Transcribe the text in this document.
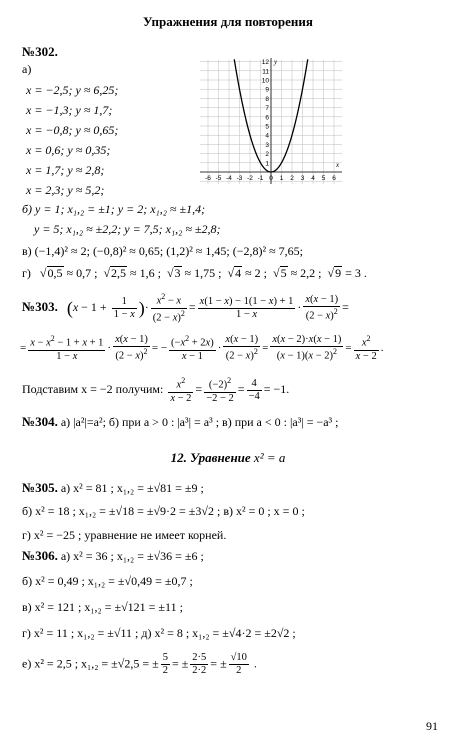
Упражнения для повторения
№302.
а)
x = −2,5; y ≈ 6,25;
x = −1,3; y ≈ 1,7;
x = −0,8; y ≈ 0,65;
x = 0,6; y ≈ 0,35;
x = 1,7; y ≈ 2,8;
x = 2,3; y ≈ 5,2;
12
11
10
9
8
7
6
5
4
3
2
1
-6 -5 -4 -3 -2 -1 0 1 2 3 4 5 6
x
y
б) y = 1; x₁,₂ = ±1; y = 2; x₁,₂ ≈ ±1,4;
y = 5; x₁,₂ ≈ ±2,2; y = 7,5; x₁,₂ ≈ ±2,8;
в) (−1,4)² ≈ 2; (−0,8)² ≈ 0,65; (1,2)² ≈ 1,45; (−2,8)² ≈ 7,65;
г) √ 0,5 ≈ 0,7 ; √ 2,5 ≈ 1,6 ; √ 3 ≈ 1,75 ; √ 4 ≈ 2 ; √ 5 ≈ 2,2 ; √ 9 = 3 .
№303. ($x - 1 + \frac{1}{1 - x}$ )· $\frac{x^2 - x}{(2 - x)^2} = \frac{x(1 - x) - 1(1 - x) + 1}{1 - x} \cdot \frac{x(x - 1)}{(2 - x)^2}$ =
= $\frac{x - x^2 - 1 + x + 1}{1 - x} \cdot \frac{x(x - 1)}{(2 - x)^2}$ = − $\frac{(-x^2 + 2x)}{x - 1} \cdot \frac{x(x - 1)}{(2 - x)^2} = \frac{x(x - 2)\cdot x(x - 1)}{(x - 1)(x - 2)^2} = \frac{x^2}{x - 2}$ .
Подставим x = −2 получим: $\frac{x^2}{x - 2} = \frac{(-2)^2}{-2 - 2} = \frac{4}{-4} = -1$.
№304. а) |a²|=a²; б) при a > 0 : |a³| = a³ ; в) при a < 0 : |a³| = −a³ ;
12. Уравнение x² = a
№305. а) x² = 81 ; x₁,₂ = ±√81 = ±9 ;
б) x² = 18 ; x₁,₂ = ±√18 = ±√9·2 = ±3√2 ; в) x² = 0 ; x = 0 ;
г) x² = −25 ; уравнение не имеет корней.
№306. а) x² = 36 ; x₁,₂ = ±√36 = ±6 ;
б) x² = 0,49 ; x₁,₂ = ±√0,49 = ±0,7 ;
в) x² = 121 ; x₁,₂ = ±√121 = ±11 ;
г) x² = 11 ; x₁,₂ = ±√11 ; д) x² = 8 ; x₁,₂ = ±√4·2 = ±2√2 ;
е) x² = 2,5 ; x₁,₂ = ±√2,5 = ± $\frac{5}{2}$ = ± $\frac{2\cdot 5}{2\cdot 2}$ = ± $\frac{√10}{2}$ .
91
